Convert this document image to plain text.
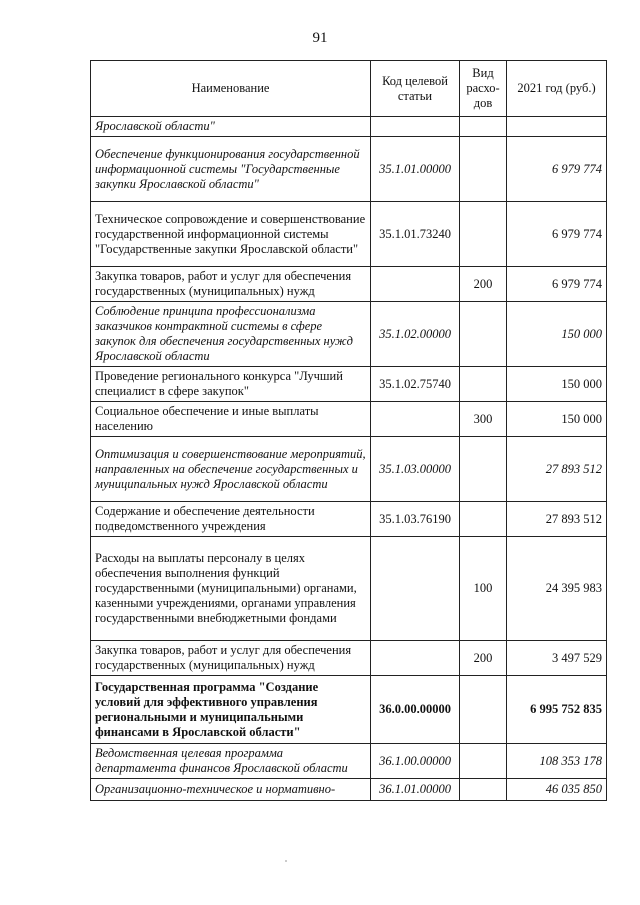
91
Наименование	Код целевой статьи	Вид расхо-дов	2021 год (руб.)
Ярославской области"			
Обеспечение функционирования государственной информационной системы "Государственные закупки Ярославской области"	35.1.01.00000		6 979 774
Техническое сопровождение и совершенствование государственной информационной системы "Государственные закупки Ярославской области"	35.1.01.73240		6 979 774
Закупка товаров, работ и услуг для обеспечения государственных (муниципальных) нужд		200	6 979 774
Соблюдение принципа профессионализма заказчиков контрактной системы в сфере закупок для обеспечения государственных нужд Ярославской области	35.1.02.00000		150 000
Проведение регионального конкурса "Лучший специалист в сфере закупок"	35.1.02.75740		150 000
Социальное обеспечение и иные выплаты населению		300	150 000
Оптимизация и совершенствование мероприятий, направленных на обеспечение государственных и муниципальных нужд Ярославской области	35.1.03.00000		27 893 512
Содержание и обеспечение деятельности подведомственного учреждения	35.1.03.76190		27 893 512
Расходы на выплаты персоналу в целях обеспечения выполнения функций государственными (муниципальными) органами, казенными учреждениями, органами управления государственными внебюджетными фондами		100	24 395 983
Закупка товаров, работ и услуг для обеспечения государственных (муниципальных) нужд		200	3 497 529
Государственная программа "Создание условий для эффективного управления региональными и муниципальными финансами в Ярославской области"	36.0.00.00000		6 995 752 835
Ведомственная целевая программа департамента финансов Ярославской области	36.1.00.00000		108 353 178
Организационно-техническое и нормативно-	36.1.01.00000		46 035 850
